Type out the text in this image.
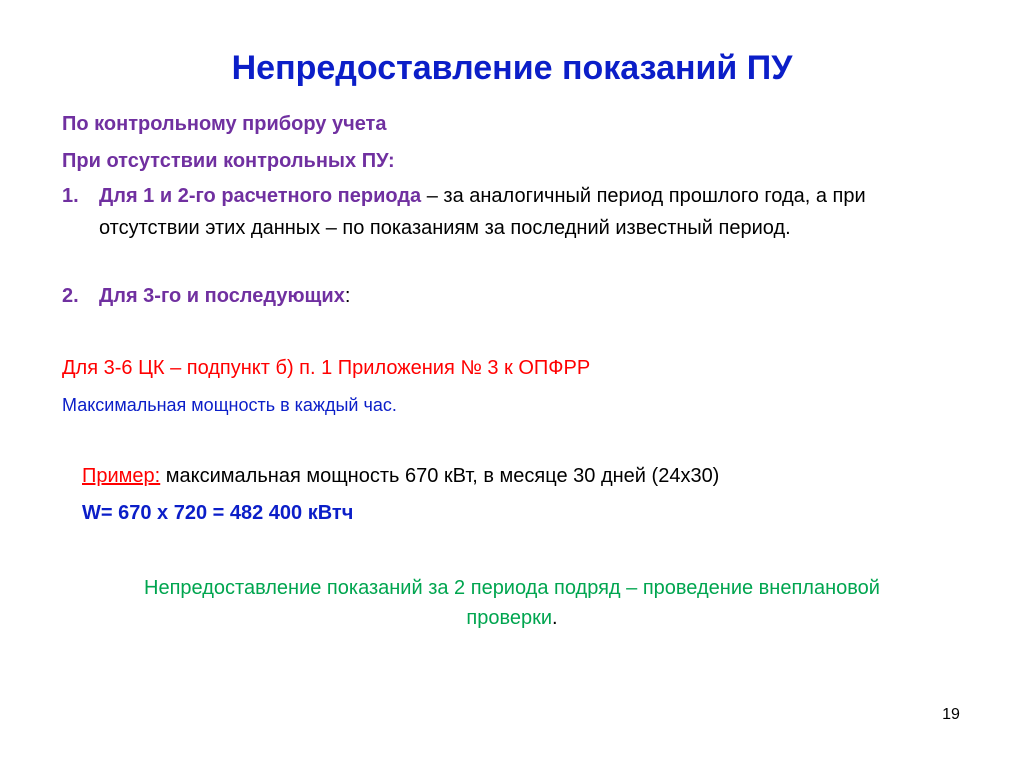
Непредоставление показаний ПУ
По контрольному прибору учета
При отсутствии контрольных ПУ:
1. Для 1 и 2-го расчетного периода – за аналогичный период прошлого года, а при отсутствии этих данных – по показаниям за последний известный период.
2. Для 3-го и последующих:
Для 3-6 ЦК – подпункт б) п. 1 Приложения № 3 к ОПФРР
Максимальная мощность в каждый час.
Пример: максимальная мощность 670 кВт, в месяце 30 дней (24х30)
W= 670 х 720 = 482 400 кВтч
Непредоставление показаний за 2 периода подряд – проведение внеплановой проверки.
19
